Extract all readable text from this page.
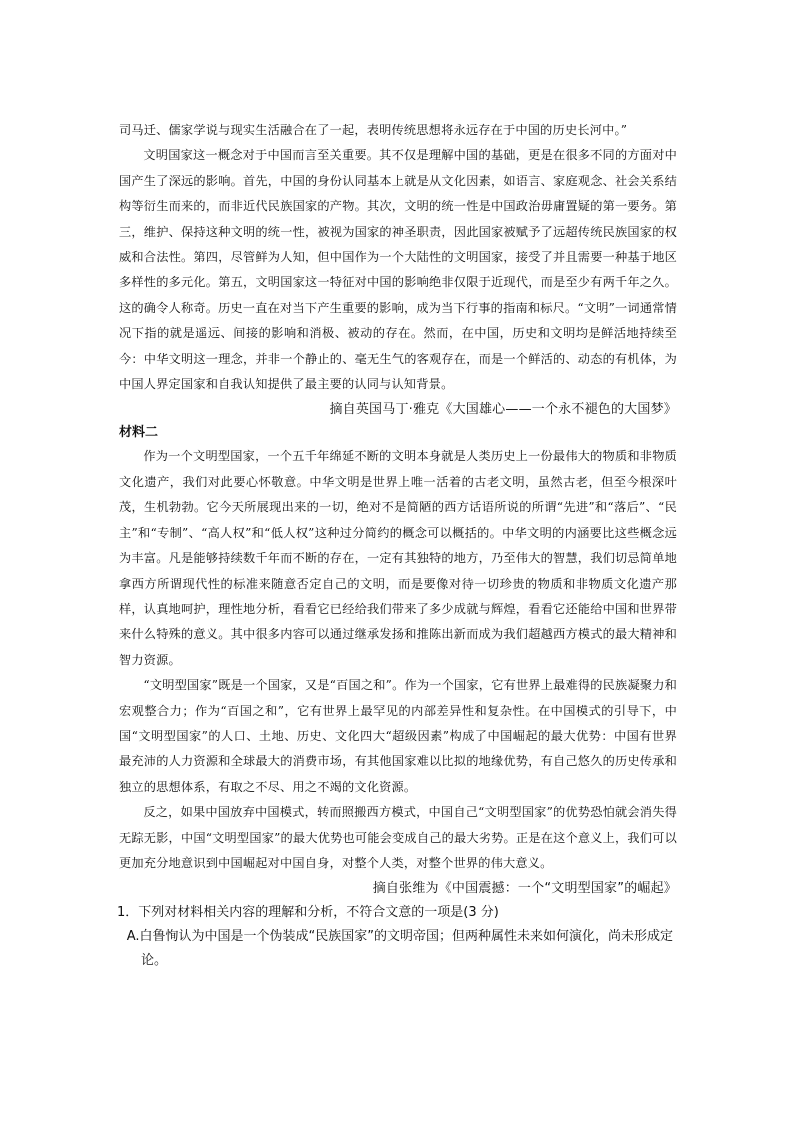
司马迁、儒家学说与现实生活融合在了一起，表明传统思想将永远存在于中国的历史长河中。”

文明国家这一概念对于中国而言至关重要。其不仅是理解中国的基础，更是在很多不同的方面对中国产生了深远的影响。首先，中国的身份认同基本上就是从文化因素，如语言、家庭观念、社会关系结构等衍生而来的，而非近代民族国家的产物。其次，文明的统一性是中国政治毋庸置疑的第一要务。第三，维护、保持这种文明的统一性，被视为国家的神圣职责，因此国家被赋予了远超传统民族国家的权威和合法性。第四，尽管鲜为人知，但中国作为一个大陆性的文明国家，接受了并且需要一种基于地区多样性的多元化。第五，文明国家这一特征对中国的影响绝非仅限于近现代，而是至少有两千年之久。这的确令人称奇。历史一直在对当下产生重要的影响，成为当下行事的指南和标尺。“文明”一词通常情况下指的就是遥远、间接的影响和消极、被动的存在。然而，在中国，历史和文明均是鲜活地持续至今：中华文明这一理念，并非一个静止的、毫无生气的客观存在，而是一个鲜活的、动态的有机体，为中国人界定国家和自我认知提供了最主要的认同与认知背景。

摘自英国马丁·雅克《大国雄心——一个永不褪色的大国梦》

材料二

作为一个文明型国家，一个五千年绵延不断的文明本身就是人类历史上一份最伟大的物质和非物质文化遗产，我们对此要心怀敬意。中华文明是世界上唯一活着的古老文明，虽然古老，但至今根深叶茂，生机勃勃。它今天所展现出来的一切，绝对不是简陋的西方话语所说的所谓“先进”和“落后”、“民主”和“专制”、“高人权”和“低人权”这种过分简约的概念可以概括的。中华文明的内涵要比这些概念远为丰富。凡是能够持续数千年而不断的存在，一定有其独特的地方，乃至伟大的智慧，我们切忌简单地拿西方所谓现代性的标准来随意否定自己的文明，而是要像对待一切珍贵的物质和非物质文化遗产那样，认真地呵护，理性地分析，看看它已经给我们带来了多少成就与辉煌，看看它还能给中国和世界带来什么特殊的意义。其中很多内容可以通过继承发扬和推陈出新而成为我们超越西方模式的最大精神和智力资源。

“文明型国家”既是一个国家，又是“百国之和”。作为一个国家，它有世界上最难得的民族凝聚力和宏观整合力；作为“百国之和”，它有世界上最罕见的内部差异性和复杂性。在中国模式的引导下，中国“文明型国家”的人口、土地、历史、文化四大“超级因素”构成了中国崛起的最大优势：中国有世界最充沛的人力资源和全球最大的消费市场，有其他国家难以比拟的地缘优势，有自己悠久的历史传承和独立的思想体系，有取之不尽、用之不竭的文化资源。

反之，如果中国放弃中国模式，转而照搬西方模式，中国自己“文明型国家”的优势恐怕就会消失得无踪无影，中国“文明型国家”的最大优势也可能会变成自己的最大劣势。正是在这个意义上，我们可以更加充分地意识到中国崛起对中国自身，对整个人类，对整个世界的伟大意义。

摘自张维为《中国震撼：一个“文明型国家”的崛起》

1．下列对材料相关内容的理解和分析，不符合文意的一项是(3 分)
A.白鲁恂认为中国是一个伪装成“民族国家”的文明帝国；但两种属性未来如何演化，尚未形成定论。
